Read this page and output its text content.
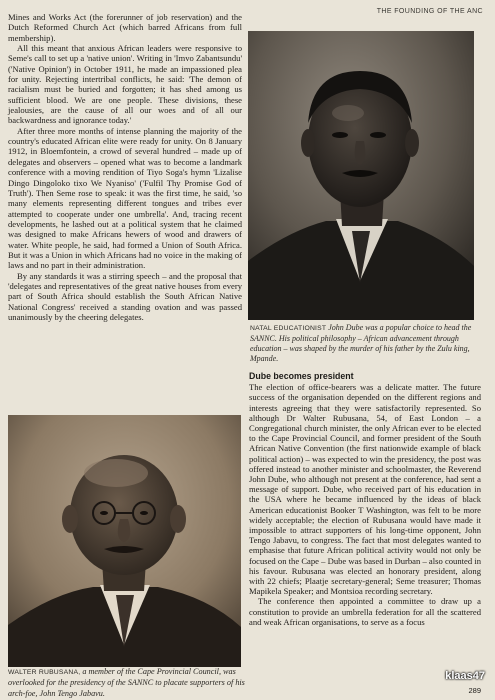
THE FOUNDING OF THE ANC

Mines and Works Act (the forerunner of job reservation) and the Dutch Reformed Church Act (which barred Africans from full membership).

All this meant that anxious African leaders were responsive to Seme's call to set up a 'native union'. Writing in 'Imvo Zabantsundu' ('Native Opinion') in October 1911, he made an impassioned plea for unity. Rejecting intertribal conflicts, he said: 'The demon of racialism must be buried and forgotten; it has shed among us sufficient blood. We are one people. These divisions, these jealousies, are the cause of all our woes and of all our backwardness and ignorance today.'

After three more months of intense planning the majority of the country's educated African elite were ready for unity. On 8 January 1912, in Bloemfontein, a crowd of several hundred – made up of delegates and observers – opened what was to become a landmark conference with a moving rendition of Tiyo Soga's hymn 'Lizalise Dingo Dingoloko tixo We Nyaniso' ('Fulfil Thy Promise God of Truth'). Then Seme rose to speak: it was the first time, he said, 'so many elements representing different tongues and tribes ever attempted to cooperate under one umbrella'. And, tracing recent developments, he lashed out at a political system that he claimed was designed to make Africans hewers of wood and drawers of water. White people, he said, had formed a Union of South Africa. But it was a Union in which Africans had no voice in the making of laws and no part in their administration.

By any standards it was a stirring speech – and the proposal that 'delegates and representatives of the great native houses from every part of South Africa should establish the South African Native National Congress' received a standing ovation and was passed unanimously by the cheering delegates.

NATAL EDUCATIONIST John Dube was a popular choice to head the SANNC. His political philosophy – African advancement through education – was shaped by the murder of his father by the Zulu king, Mpande.
Dube becomes president

The election of office-bearers was a delicate matter. The future success of the organisation depended on the different regions and interests agreeing that they were satisfactorily represented. So although Dr Walter Rubusana, 54, of East London – a Congregational church minister, the only African ever to be elected to the Cape Provincial Council, and former president of the South African Native Convention (the first nationwide example of black political action) – was expected to win the presidency, the post was offered instead to another minister and schoolmaster, the Reverend John Dube, who although not present at the conference, had sent a message of support. Dube, who received part of his education in the USA where he became influenced by the ideas of black American educationist Booker T Washington, was felt to be more widely acceptable; the election of Rubusana would have made it impossible to attract supporters of his long-time opponent, John Tengo Jabavu, to congress. The fact that most delegates wanted to emphasise that future African political activity would not only be focused on the Cape – Dube was based in Durban – also counted in his favour. Rubusana was elected an honorary president, along with 22 chiefs; Plaatje secretary-general; Seme treasurer; Thomas Mapikela Speaker; and Montsioa recording secretary.

The conference then appointed a committee to draw up a constitution to provide an umbrella federation for all the scattered and weak African organisations, to serve as a focus

WALTER RUBUSANA, a member of the Cape Provincial Council, was overlooked for the presidency of the SANNC to placate supporters of his arch-foe, John Tengo Jabavu.
klaas47
289
